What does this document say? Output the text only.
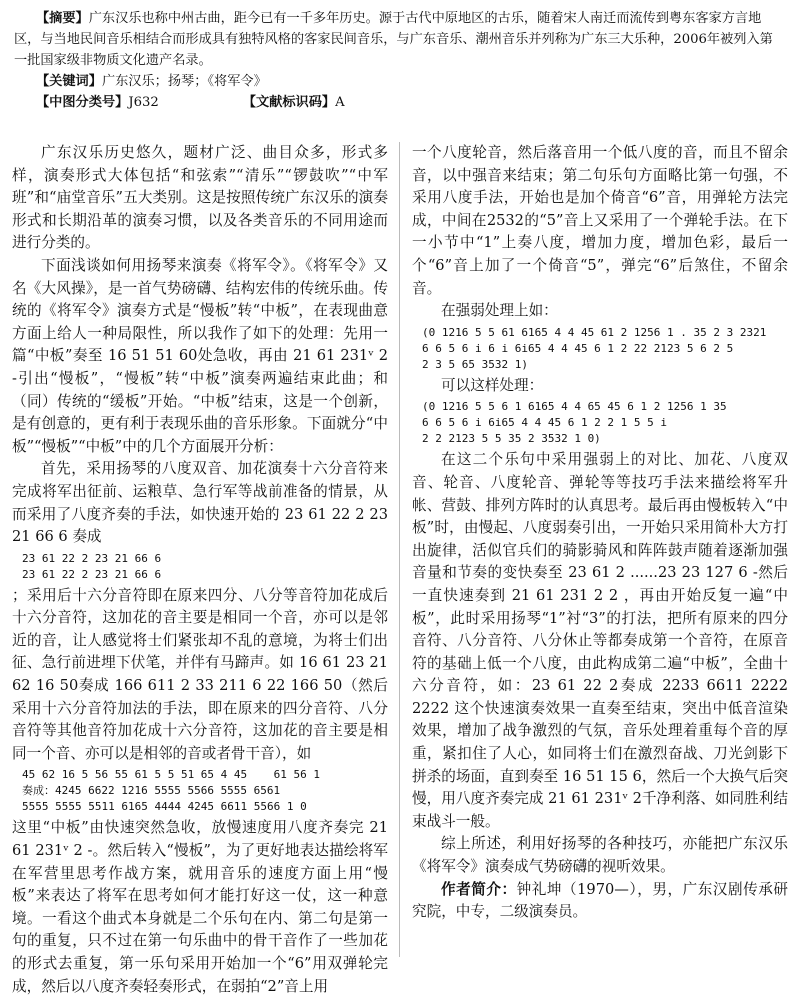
【摘要】广东汉乐也称中州古曲，距今已有一千多年历史。源于古代中原地区的古乐，随着宋人南迁而流传到粤东客家方言地区，与当地民间音乐相结合而形成具有独特风格的客家民间音乐，与广东音乐、潮州音乐并列称为广东三大乐种，2006年被列入第一批国家级非物质文化遗产名录。

【关键词】广东汉乐；扬琴；《将军令》

【中图分类号】J632	【文献标识码】A

广东汉乐历史悠久，题材广泛、曲目众多，形式多样，演奏形式大体包括“和弦索”“清乐”“锣鼓吹”“中军班”和“庙堂音乐”五大类别。这是按照传统广东汉乐的演奏形式和长期沿革的演奏习惯，以及各类音乐的不同用途而进行分类的。

下面浅谈如何用扬琴来演奏《将军令》。《将军令》又名《大风操》，是一首气势磅礴、结构宏伟的传统乐曲。传统的《将军令》演奏方式是“慢板”转“中板”，在表现曲意方面上给人一种局限性，所以我作了如下的处理：先用一篇“中板”奏至 16 51 51 60处急收，再由 21 61 231ᵛ 2 -引出“慢板”，“慢板”转“中板”演奏两遍结束此曲；和（同）传统的“缓板”开始。“中板”结束，这是一个创新，是有创意的，更有利于表现乐曲的音乐形象。下面就分“中板”“慢板”“中板”中的几个方面展开分析：

首先，采用扬琴的八度双音、加花演奏十六分音符来完成将军出征前、运粮草、急行军等战前准备的情景，从而采用了八度齐奏的手法，如快速开始的 23 61 22 2 23 21 66 6 奏成

23 61 22 2 23 21 66 6
23 61 22 2 23 21 66 6

；采用后十六分音符即在原来四分、八分等音符加花成后十六分音符，这加花的音主要是相同一个音，亦可以是邻近的音，让人感觉将士们紧张却不乱的意境，为将士们出征、急行前进埋下伏笔，并伴有马蹄声。如 16 61 23 21 62 16 50奏成 166 611 2 33 211 6 22 166 50（然后采用十六分音符加法的手法，即在原来的四分音符、八分音符等其他音符加花成十六分音符，这加花的音主要是相同一个音、亦可以是相邻的音或者骨干音），如

45 62 16 5 56 55 61 5 5 51 65 4 45    61 56 1
奏成：4245 6622 1216 5555 5566 5555 6561
5555 5555 5511 6165 4444 4245 6611 5566 1 0

这里“中板”由快速突然急收，放慢速度用八度齐奏完 21 61 231ᵛ 2 -。然后转入“慢板”，为了更好地表达描绘将军在军营里思考作战方案，就用音乐的速度方面上用“慢板”来表达了将军在思考如何才能打好这一仗，这一种意境。一看这个曲式本身就是二个乐句在内、第二句是第一句的重复，只不过在第一句乐曲中的骨干音作了一些加花的形式去重复，第一乐句采用开始加一个“6”用双弹轮完成，然后以八度齐奏轻奏形式，在弱拍“2”音上用

一个八度轮音，然后落音用一个低八度的音，而且不留余音，以中强音来结束；第二句乐句方面略比第一句强，不采用八度手法，开始也是加个倚音“6”音，用弹轮方法完成，中间在2532的“5”音上又采用了一个弹轮手法。在下一小节中“1”上奏八度，增加力度，增加色彩，最后一个“6”音上加了一个倚音“5”，弹完“6”后煞住，不留余音。

在强弱处理上如：

(0 1216 5 5 61 6165 4 4 45 61 2 1256 1 . 35 2 3 2321
6 6 5 6 i 6 i 6i65 4 4 45 6 1 2 22 2123 5 6 2 5
2 3 5 65 3532 1)

可以这样处理：

(0 1216 5 5 6 1 6165 4 4 65 45 6 1 2 1256 1 35
6 6 5 6 i 6i65 4 4 45 6 1 2 2 1 5 5 i
2 2 2123 5 5 35 2 3532 1 0)

在这二个乐句中采用强弱上的对比、加花、八度双音、轮音、八度轮音、弹轮等等技巧手法来描绘将军升帐、营鼓、排列方阵时的认真思考。最后再由慢板转入“中板”时，由慢起、八度弱奏引出，一开始只采用简朴大方打出旋律，活似官兵们的骑影骑风和阵阵鼓声随着逐渐加强音量和节奏的变快奏至 23 61 2 ......23 23 127 6 -然后一直快速奏到 21 61 231 2 2 ，再由开始反复一遍“中板”，此时采用扬琴“1”衬“3”的打法，把所有原来的四分音符、八分音符、八分休止等都奏成第一个音符，在原音符的基础上低一个八度，由此构成第二遍“中板”，全曲十六分音符，如：23 61 22 2奏成 2233 6611 2222 2222 这个快速演奏效果一直奏至结束，突出中低音渲染效果，增加了战争激烈的气氛，音乐处理着重每个音的厚重，紧扣住了人心，如同将士们在激烈奋战、刀光剑影下拼杀的场面，直到奏至 16 51 15 6，然后一个大换气后突慢，用八度齐奏完成 21 61 231ᵛ 2千净利落、如同胜利结束战斗一般。

综上所述，利用好扬琴的各种技巧，亦能把广东汉乐《将军令》演奏成气势磅礴的视听效果。

作者简介：钟礼坤（1970—），男，广东汉剧传承研究院，中专，二级演奏员。
